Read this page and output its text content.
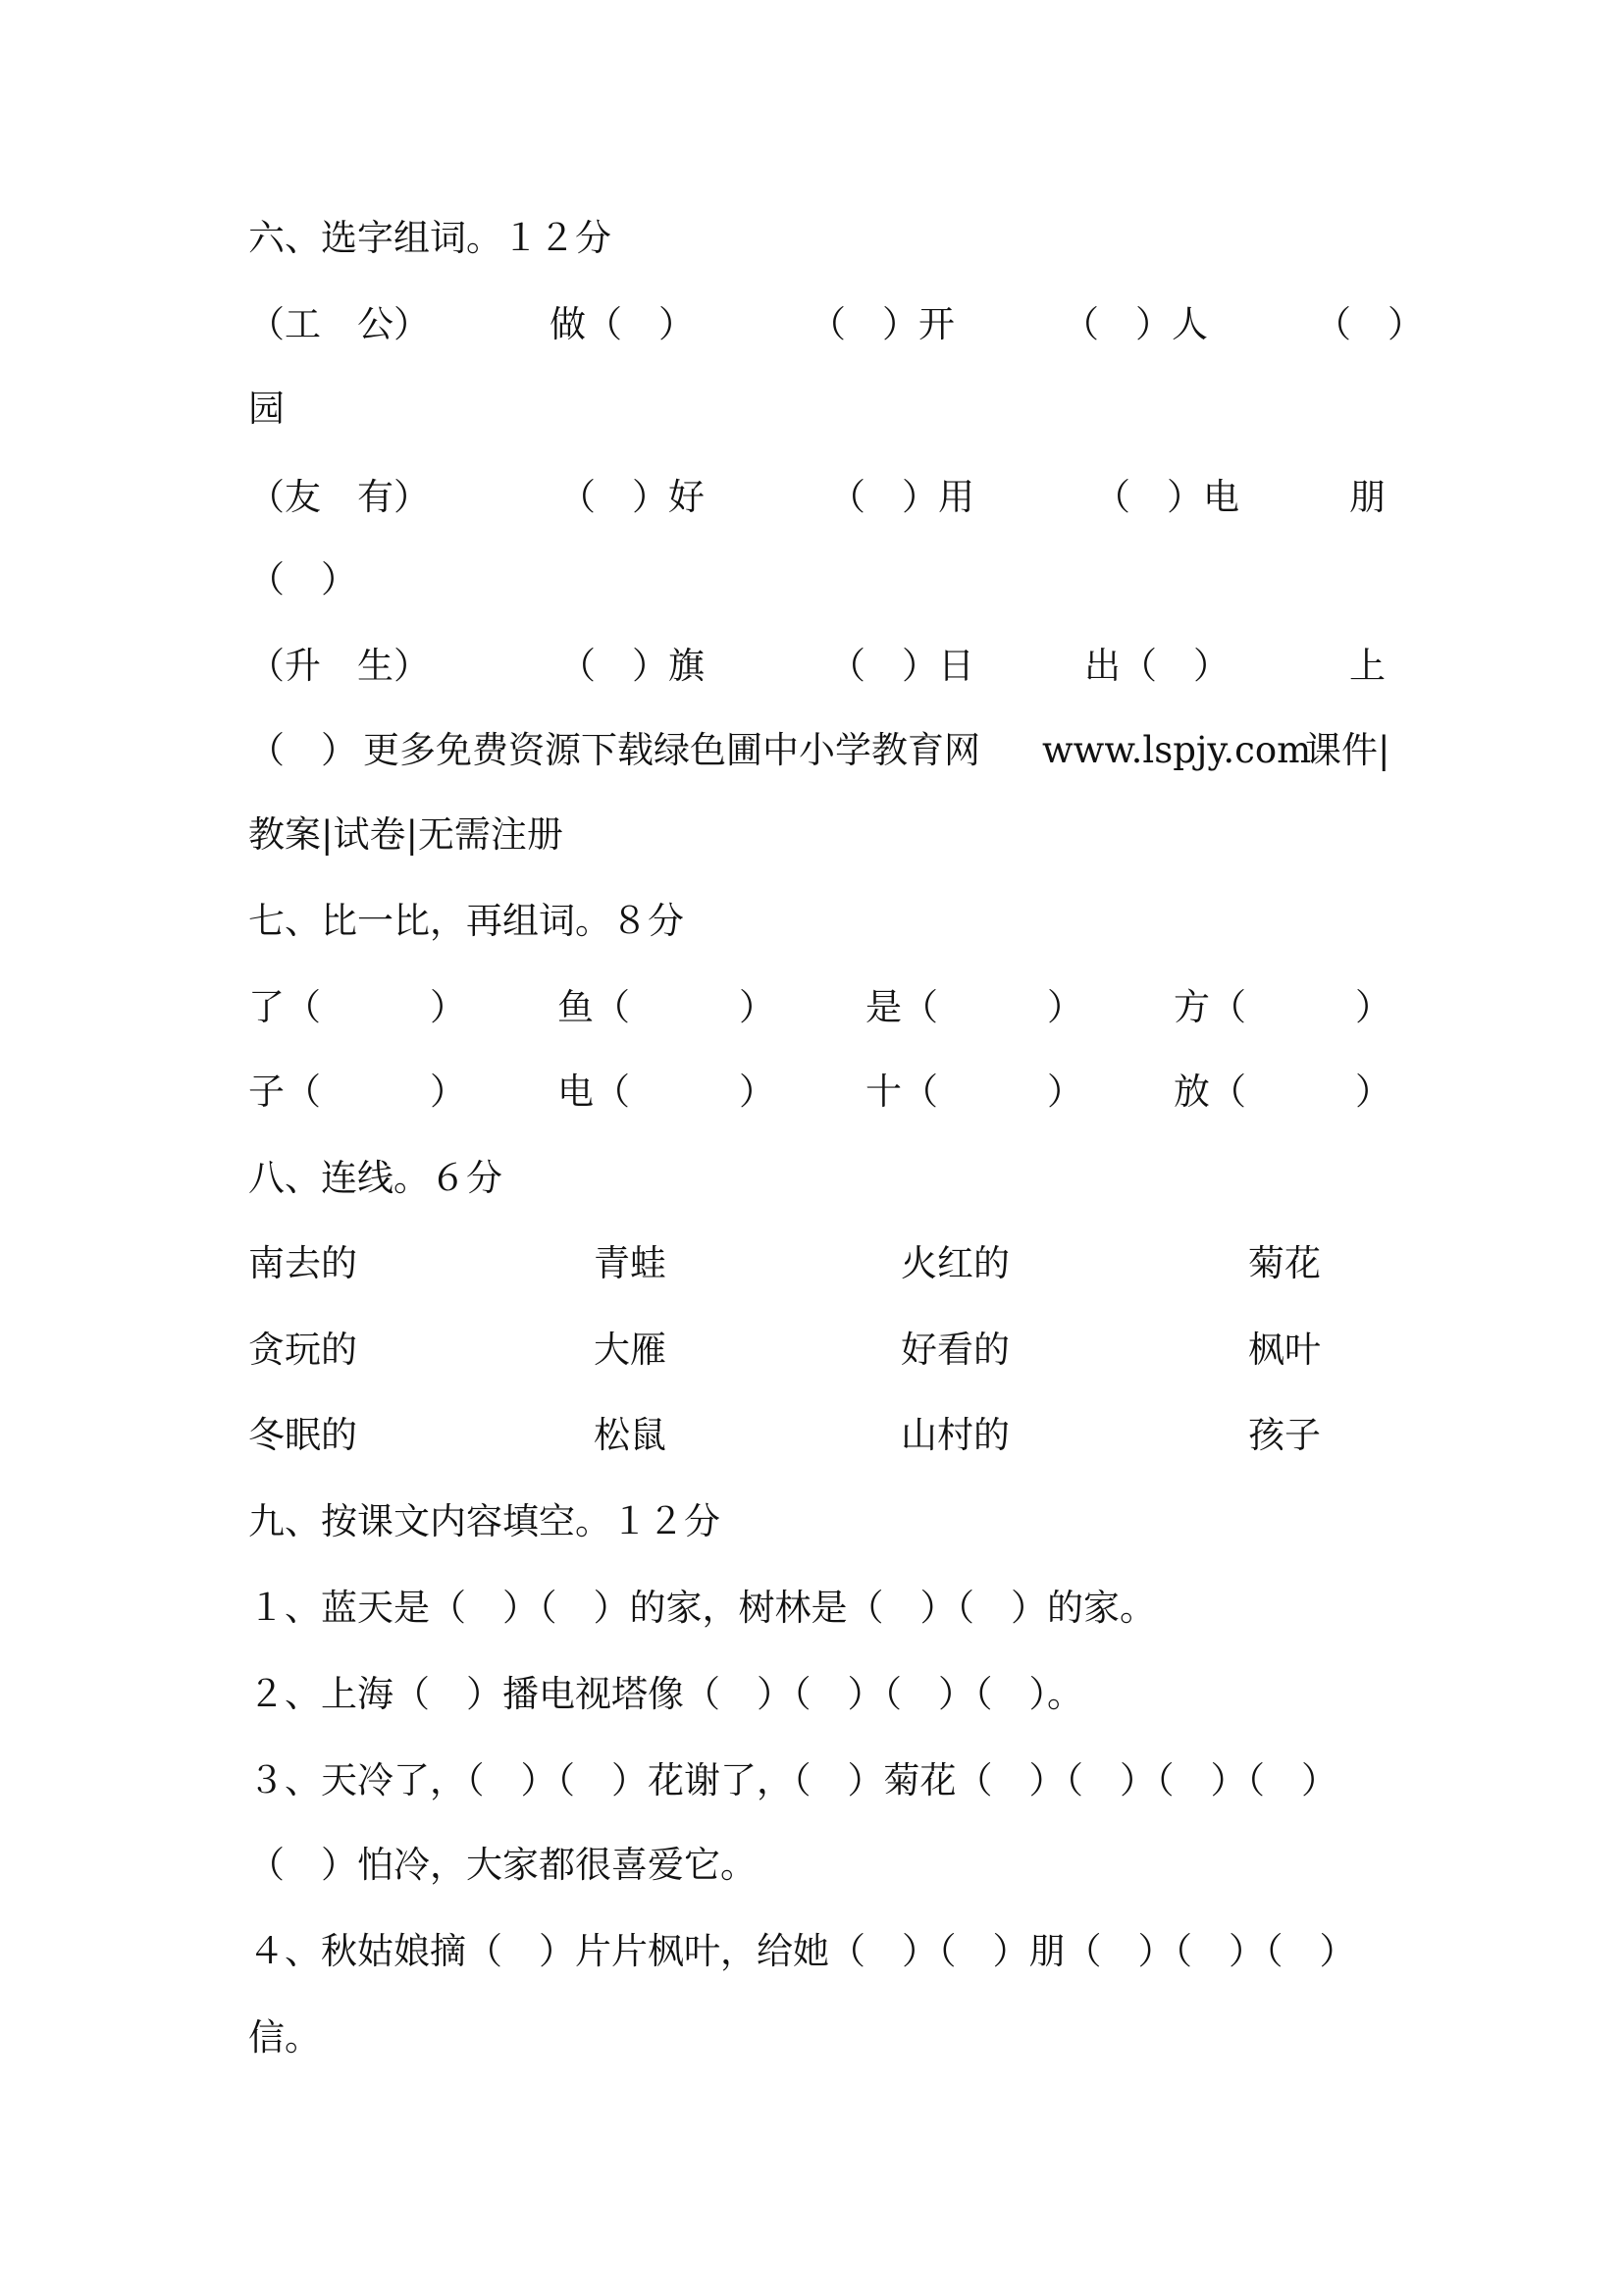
六、选字组词。１２分
（工　公）	做（　）	（　）开	（　）人	（　）
园
（友　有）	（　）好	（　）用	（　）电	朋
（　）
（升　生）	（　）旗	（　）日	出（　）	上
（　） 更多免费资源下载绿色圃中小学教育网 www.lspjy.com
课件|
教案|试卷|无需注册
七、比一比，再组词。８分
了（　　　）	鱼（　　　） 是（　　　） 方（　　　）
子（　　　）	电（　　　） 十（　　　） 放（　　　）
八、连线。６分
南去的	青蛙	火红的	菊花
贪玩的	大雁	好看的	枫叶
冬眠的	松鼠	山村的	孩子
九、按课文内容填空。１２分
１、蓝天是（　）（　）的家，树林是（　）（　）的家。
２、上海（　）播电视塔像（　）（　）（　）（　）。
３、天冷了，（　）（　）花谢了，（　）菊花（　）（　）（　）（　）
（　）怕冷，大家都很喜爱它。
４、秋姑娘摘（　）片片枫叶，给她（　）（　）朋（　）（　）（　）
信。
